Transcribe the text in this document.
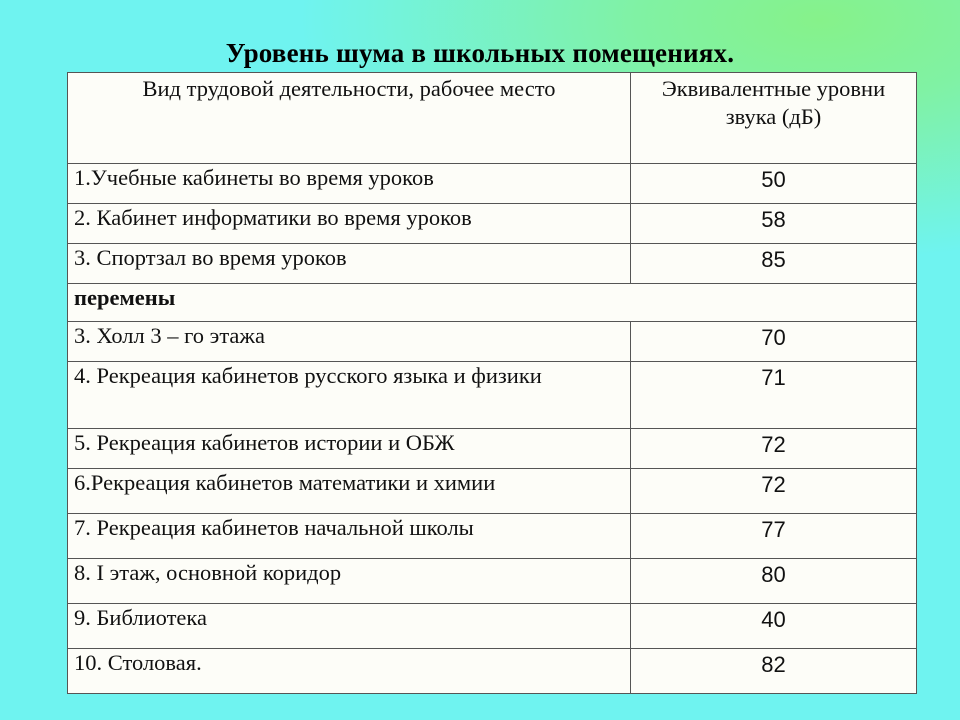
Уровень шума в школьных помещениях.
Вид трудовой деятельности, рабочее место	Эквивалентные уровни звука (дБ)
1.Учебные кабинеты во время уроков	50
2. Кабинет информатики во время уроков	58
3. Спортзал во время уроков	85
перемены	
3. Холл 3 – го этажа	70
4. Рекреация кабинетов русского языка и физики	71
5. Рекреация кабинетов истории и ОБЖ	72
6.Рекреация кабинетов математики и химии	72
7. Рекреация кабинетов начальной школы	77
8. I этаж, основной коридор	80
9. Библиотека	40
10. Столовая.	82
